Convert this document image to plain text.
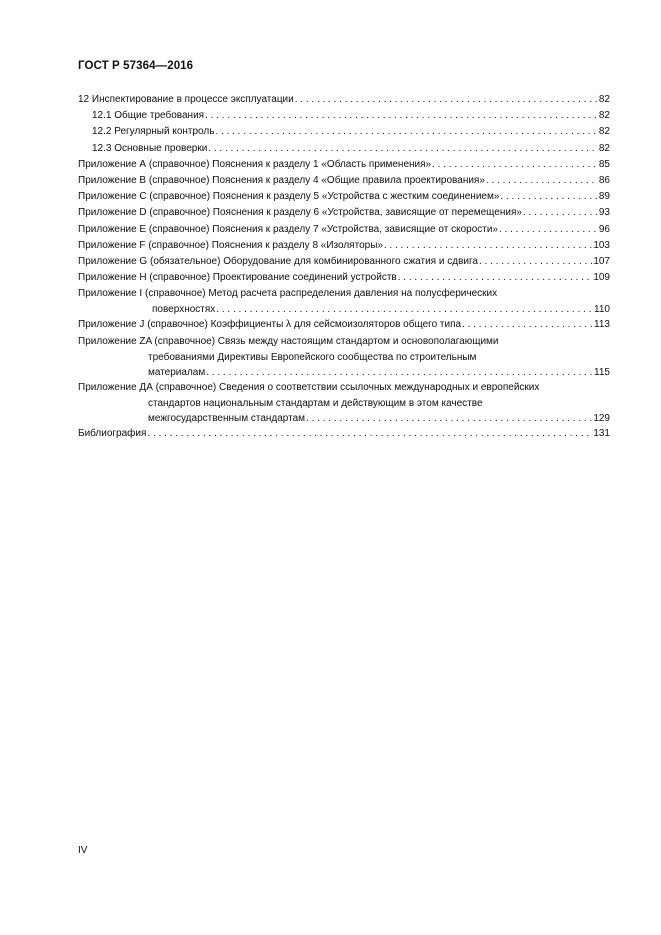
ГОСТ Р 57364—2016
12 Инспектирование в процессе эксплуатации . . .	82
12.1 Общие требования . . .	82
12.2 Регулярный контроль . . .	82
12.3 Основные проверки . . .	82
Приложение А (справочное) Пояснения к разделу 1 «Область применения» . . .	85
Приложение В (справочное) Пояснения к разделу 4 «Общие правила проектирования» . . .	86
Приложение С (справочное) Пояснения к разделу 5 «Устройства с жестким соединением» . . .	89
Приложение D (справочное) Пояснения к разделу 6 «Устройства, зависящие от перемещения» . . .	93
Приложение Е (справочное) Пояснения к разделу 7 «Устройства, зависящие от скорости» . . .	96
Приложение F (справочное) Пояснения к разделу 8 «Изоляторы» . . .	103
Приложение G (обязательное) Оборудование для комбинированного сжатия и сдвига . . .	107
Приложение Н (справочное) Проектирование соединений устройств . . .	109
Приложение I (справочное) Метод расчета распределения давления на полусферических
поверхностях . . .	110
Приложение J (справочное) Коэффициенты λ для сейсмоизоляторов общего типа . . .	113
Приложение ZA (справочное) Связь между настоящим стандартом и основополагающими
требованиями Директивы Европейского сообщества по строительным
материалам . . .	115
Приложение ДА (справочное) Сведения о соответствии ссылочных международных и европейских
стандартов национальным стандартам и действующим в этом качестве
межгосударственным стандартам . . .	129
Библиография . . .	131
IV
